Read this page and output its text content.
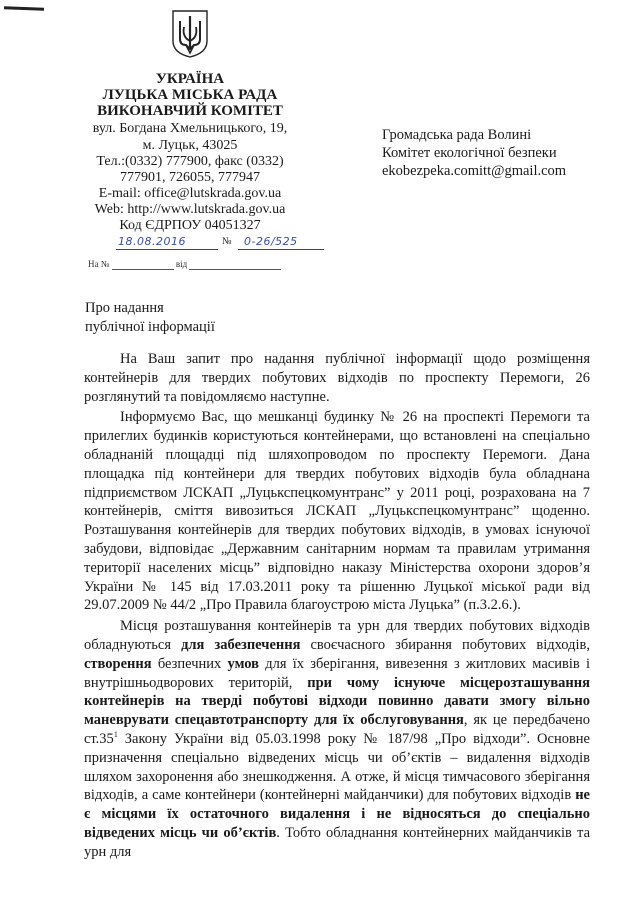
УКРАЇНА
ЛУЦЬКА МІСЬКА РАДА
ВИКОНАВЧИЙ КОМІТЕТ
вул. Богдана Хмельницького, 19,
м. Луцьк, 43025
Тел.:(0332) 777900, факс (0332)
777901, 726055, 777947
E-mail: office@lutskrada.gov.ua
Web: http://www.lutskrada.gov.ua
Код ЄДРПОУ 04051327
18.08.2016	№	0-26/525
На №	від
Громадська рада Волині
Комітет екологічної безпеки
ekobezpeka.comitt@gmail.com
Про надання
публічної інформації

На Ваш запит про надання публічної інформації щодо розміщення контейнерів для твердих побутових відходів по проспекту Перемоги, 26 розглянутий та повідомляємо наступне.

Інформуємо Вас, що мешканці будинку № 26 на проспекті Перемоги та прилеглих будинків користуються контейнерами, що встановлені на спеціально обладнаній площадці під шляхопроводом по проспекту Перемоги. Дана площадка під контейнери для твердих побутових відходів була обладнана підприємством ЛСКАП „Луцькспецкомунтранс” у 2011 році, розрахована на 7 контейнерів, сміття вивозиться ЛСКАП „Луцькспецкомунтранс” щоденно. Розташування контейнерів для твердих побутових відходів, в умовах існуючої забудови, відповідає „Державним санітарним нормам та правилам утримання території населених місць” відповідно наказу Міністерства охорони здоров’я України № 145 від 17.03.2011 року та рішенню Луцької міської ради від 29.07.2009 № 44/2 „Про Правила благоустрою міста Луцька” (п.3.2.6.).

Місця розташування контейнерів та урн для твердих побутових відходів обладнуються для забезпечення своєчасного збирання побутових відходів, створення безпечних умов для їх зберігання, вивезення з житлових масивів і внутрішньодворових територій, при чому існуюче місцерозташування контейнерів на тверді побутові відходи повинно давати змогу вільно маневрувати спецавтотранспорту для їх обслуговування, як це передбачено $ст.35^1$ Закону України від 05.03.1998 року № 187/98 „Про відходи”. Основне призначення спеціально відведених місць чи об’єктів – видалення відходів шляхом захоронення або знешкодження. А отже, й місця тимчасового зберігання відходів, а саме контейнери (контейнерні майданчики) для побутових відходів не є місцями їх остаточного видалення і не відносяться до спеціально відведених місць чи об’єктів. Тобто обладнання контейнерних майданчиків та урн для
